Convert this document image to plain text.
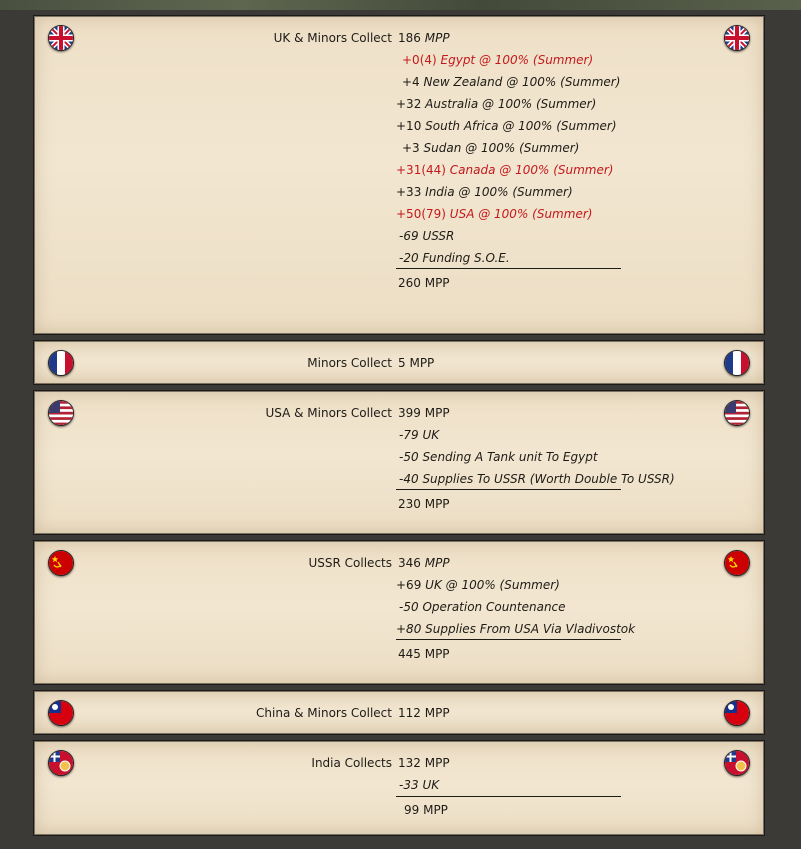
UK & Minors Collect 186 MPP
+0(4) Egypt @ 100% (Summer)
+4 New Zealand @ 100% (Summer)
+32 Australia @ 100% (Summer)
+10 South Africa @ 100% (Summer)
+3 Sudan @ 100% (Summer)
+31(44) Canada @ 100% (Summer)
+33 India @ 100% (Summer)
+50(79) USA @ 100% (Summer)
-69 USSR
-20 Funding S.O.E.
260 MPP
Minors Collect 5 MPP
USA & Minors Collect 399 MPP
-79 UK
-50 Sending A Tank unit To Egypt
-40 Supplies To USSR (Worth Double To USSR)
230 MPP
USSR Collects 346 MPP
+69 UK @ 100% (Summer)
-50 Operation Countenance
+80 Supplies From USA Via Vladivostok
445 MPP
China & Minors Collect 112 MPP
India Collects 132 MPP
-33 UK
99 MPP
